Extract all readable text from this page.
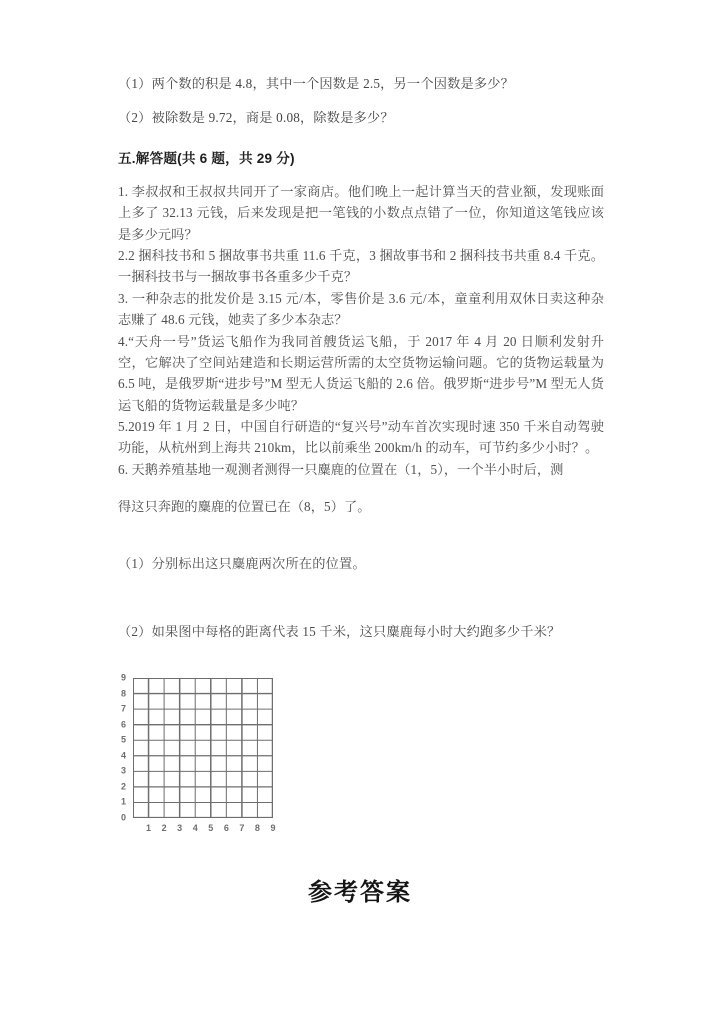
（1）两个数的积是 4.8，其中一个因数是 2.5，另一个因数是多少？

（2）被除数是 9.72，商是 0.08，除数是多少？

五.解答题(共 6 题，共 29 分)

1. 李叔叔和王叔叔共同开了一家商店。他们晚上一起计算当天的营业额，发现账面上多了 32.13 元钱，后来发现是把一笔钱的小数点点错了一位，你知道这笔钱应该是多少元吗？

2.2 捆科技书和 5 捆故事书共重 11.6 千克，3 捆故事书和 2 捆科技书共重 8.4 千克。一捆科技书与一捆故事书各重多少千克？

3. 一种杂志的批发价是 3.15 元/本，零售价是 3.6 元/本，童童利用双休日卖这种杂志赚了 48.6 元钱，她卖了多少本杂志？

4.“天舟一号”货运飞船作为我同首艘货运飞船，于 2017 年 4 月 20 日顺利发射升空，它解决了空间站建造和长期运营所需的太空货物运输问题。它的货物运载量为 6.5 吨，是俄罗斯“进步号”M 型无人货运飞船的 2.6 倍。俄罗斯“进步号”M 型无人货运飞船的货物运载量是多少吨？

5.2019 年 1 月 2 日，中国自行研造的“复兴号”动车首次实现时速 350 千米自动驾驶功能，从杭州到上海共 210km，比以前乘坐 200km/h 的动车，可节约多少小时？。

6. 天鹅养殖基地一观测者测得一只麋鹿的位置在（1，5），一个半小时后，测
得这只奔跑的麋鹿的位置已在（8，5）了。

（1）分别标出这只麋鹿两次所在的位置。

（2）如果图中每格的距离代表 15 千米，这只麋鹿每小时大约跑多少千米？

9
8
7
6
5
4
3
2
1
0
1 2 3 4 5 6 7 8 9
参考答案
